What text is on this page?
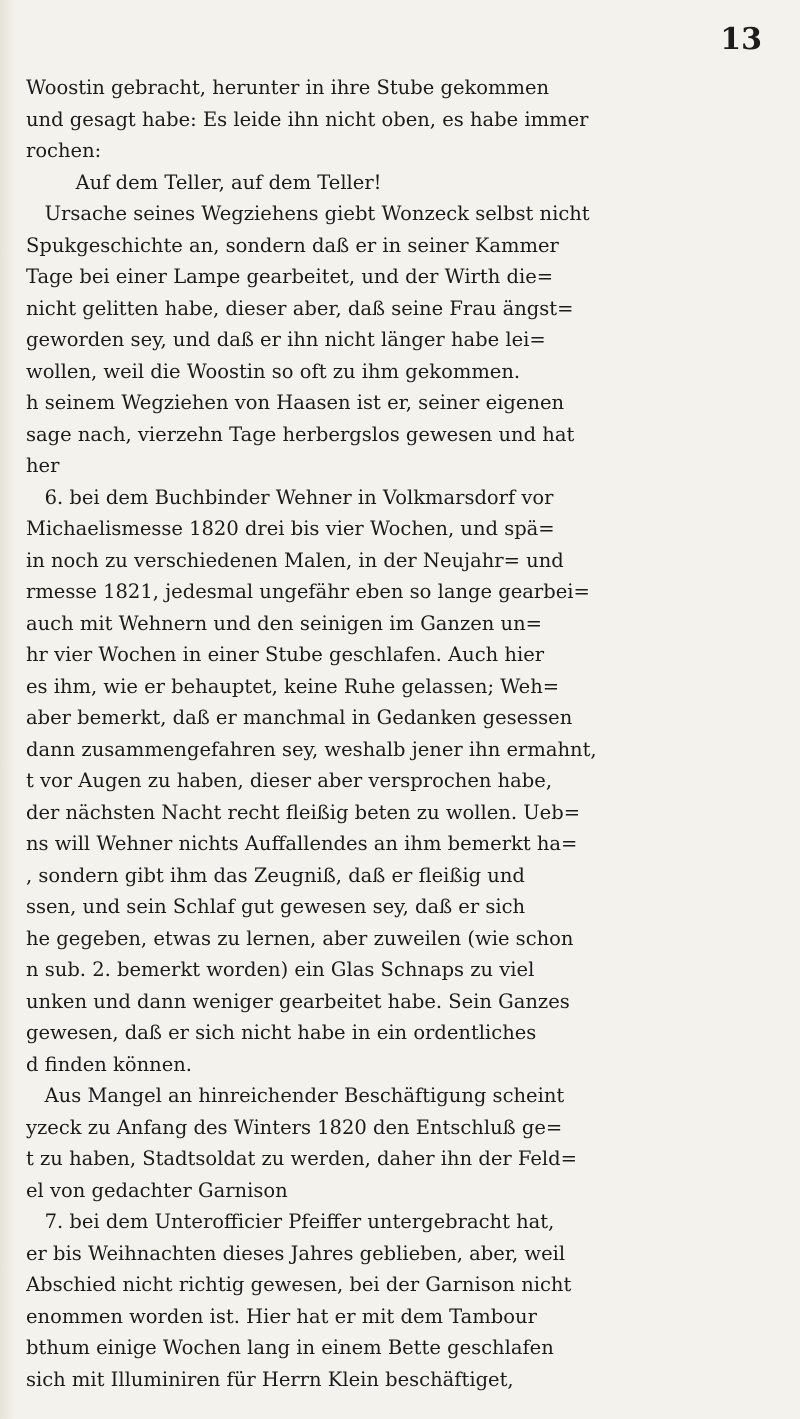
13

Woostin gebracht, herunter in ihre Stube gekommen
und gesagt habe: Es leide ihn nicht oben, es habe immer
rochen:
Auf dem Teller, auf dem Teller!
Ursache seines Wegziehens giebt Wonzeck selbst nicht
Spukgeschichte an, sondern daß er in seiner Kammer
Tage bei einer Lampe gearbeitet, und der Wirth die=
nicht gelitten habe, dieser aber, daß seine Frau ängst=
geworden sey, und daß er ihn nicht länger habe lei=
wollen, weil die Woostin so oft zu ihm gekommen.
h seinem Wegziehen von Haasen ist er, seiner eigenen
sage nach, vierzehn Tage herbergslos gewesen und hat
her
6. bei dem Buchbinder Wehner in Volkmarsdorf vor
Michaelismesse 1820 drei bis vier Wochen, und spä=
in noch zu verschiedenen Malen, in der Neujahr= und
rmesse 1821, jedesmal ungefähr eben so lange gearbei=
auch mit Wehnern und den seinigen im Ganzen un=
hr vier Wochen in einer Stube geschlafen. Auch hier
es ihm, wie er behauptet, keine Ruhe gelassen; Weh=
aber bemerkt, daß er manchmal in Gedanken gesessen
dann zusammengefahren sey, weshalb jener ihn ermahnt,
t vor Augen zu haben, dieser aber versprochen habe,
der nächsten Nacht recht fleißig beten zu wollen. Ueb=
ns will Wehner nichts Auffallendes an ihm bemerkt ha=
, sondern gibt ihm das Zeugniß, daß er fleißig und
ssen, und sein Schlaf gut gewesen sey, daß er sich
he gegeben, etwas zu lernen, aber zuweilen (wie schon
n sub. 2. bemerkt worden) ein Glas Schnaps zu viel
unken und dann weniger gearbeitet habe. Sein Ganzes
gewesen, daß er sich nicht habe in ein ordentliches
d finden können.
Aus Mangel an hinreichender Beschäftigung scheint
yzeck zu Anfang des Winters 1820 den Entschluß ge=
t zu haben, Stadtsoldat zu werden, daher ihn der Feld=
el von gedachter Garnison
7. bei dem Unterofficier Pfeiffer untergebracht hat,
er bis Weihnachten dieses Jahres geblieben, aber, weil
Abschied nicht richtig gewesen, bei der Garnison nicht
enommen worden ist. Hier hat er mit dem Tambour
bthum einige Wochen lang in einem Bette geschlafen
sich mit Illuminiren für Herrn Klein beschäftiget,
